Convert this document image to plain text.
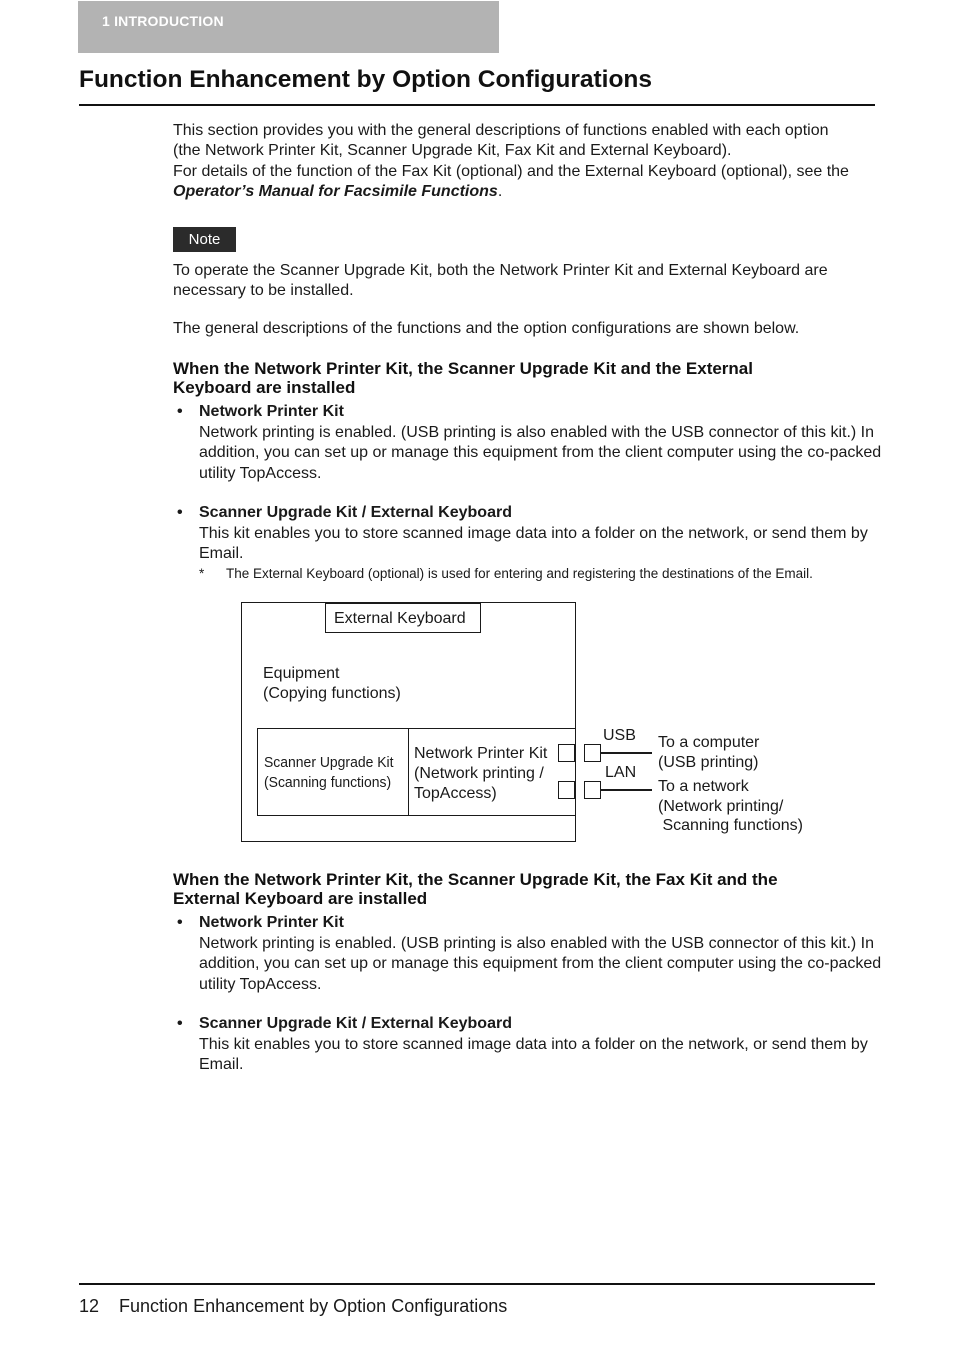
1 INTRODUCTION
Function Enhancement by Option Configurations
This section provides you with the general descriptions of functions enabled with each option
(the Network Printer Kit, Scanner Upgrade Kit, Fax Kit and External Keyboard).
For details of the function of the Fax Kit (optional) and the External Keyboard (optional), see the
Operator’s Manual for Facsimile Functions.
Note
To operate the Scanner Upgrade Kit, both the Network Printer Kit and External Keyboard are necessary to be installed.
The general descriptions of the functions and the option configurations are shown below.
When the Network Printer Kit, the Scanner Upgrade Kit and the External
Keyboard are installed
• Network Printer Kit
Network printing is enabled. (USB printing is also enabled with the USB connector of this kit.) In addition, you can set up or manage this equipment from the client computer using the co-packed utility TopAccess.
• Scanner Upgrade Kit / External Keyboard
This kit enables you to store scanned image data into a folder on the network, or send them by Email.
* The External Keyboard (optional) is used for entering and registering the destinations of the Email.
External Keyboard
Equipment
(Copying functions)
Scanner Upgrade Kit
(Scanning functions)
Network Printer Kit
(Network printing /
TopAccess)
USB
LAN
To a computer
(USB printing)
To a network
(Network printing/
Scanning functions)
When the Network Printer Kit, the Scanner Upgrade Kit, the Fax Kit and the
External Keyboard are installed
• Network Printer Kit
Network printing is enabled. (USB printing is also enabled with the USB connector of this kit.) In addition, you can set up or manage this equipment from the client computer using the co-packed utility TopAccess.
• Scanner Upgrade Kit / External Keyboard
This kit enables you to store scanned image data into a folder on the network, or send them by Email.
12 Function Enhancement by Option Configurations
